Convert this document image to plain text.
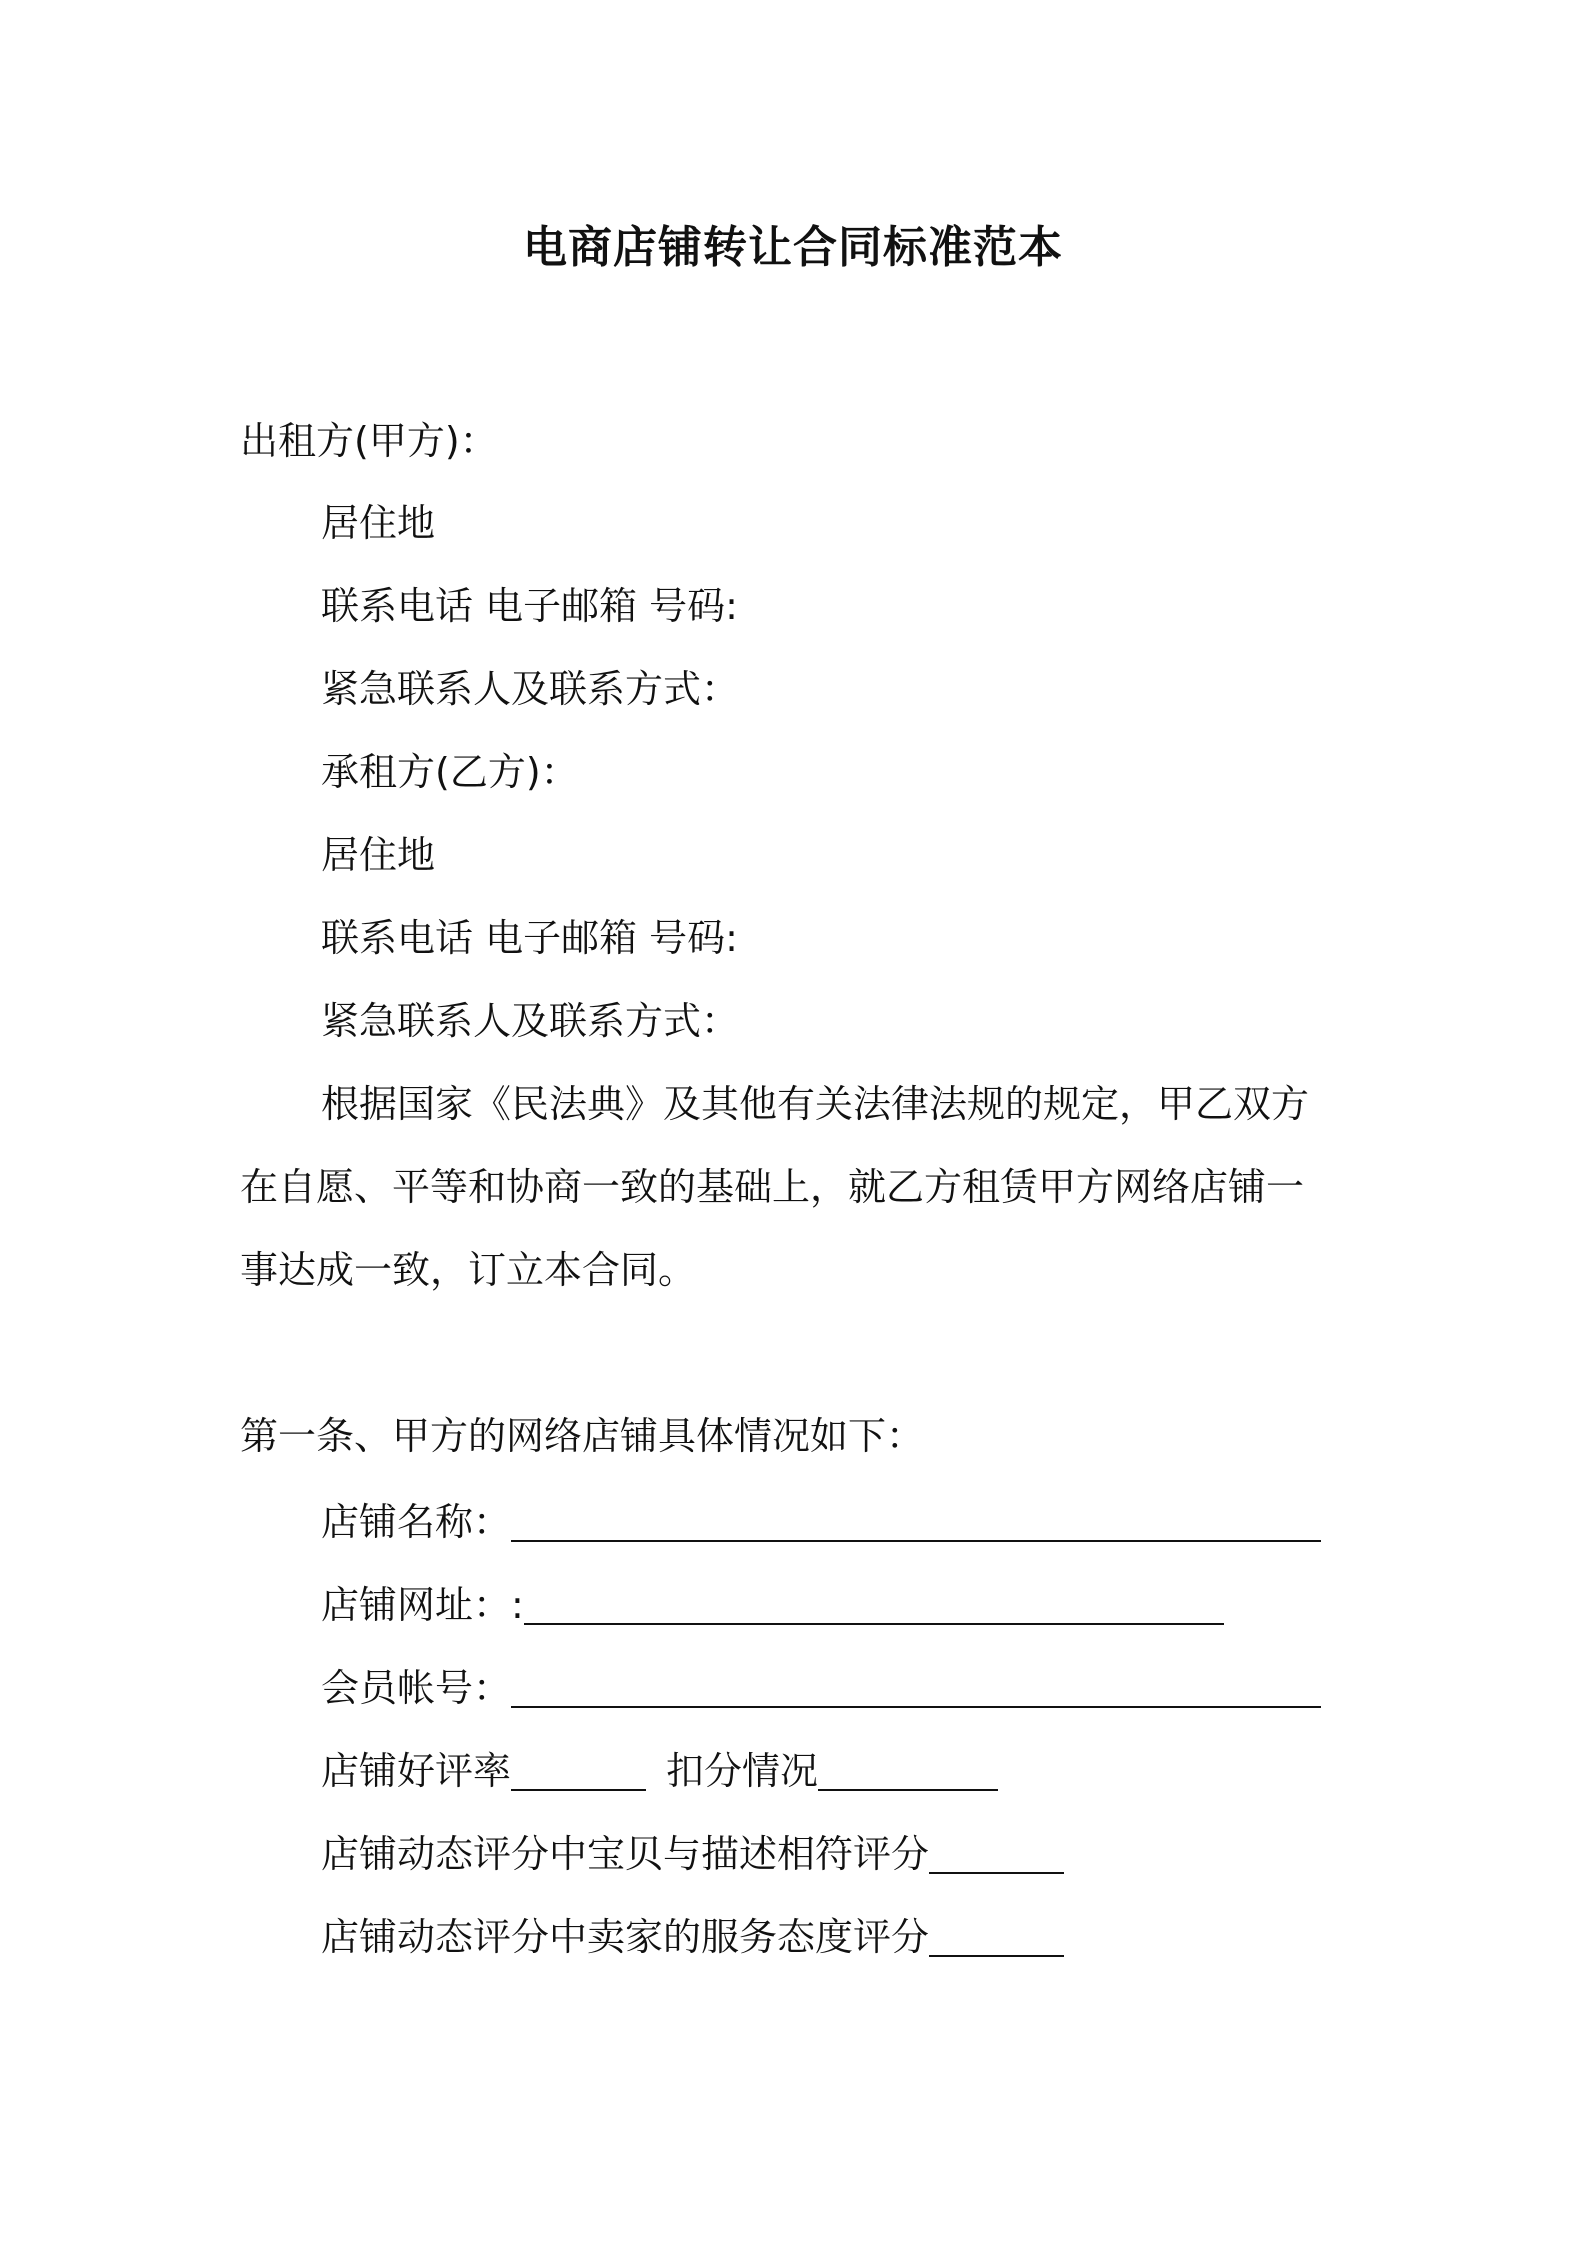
电商店铺转让合同标准范本
出租方(甲方)：
居住地
联系电话 电子邮箱 号码:
紧急联系人及联系方式：
承租方(乙方)：
居住地
联系电话 电子邮箱 号码:
紧急联系人及联系方式：
根据国家《民法典》及其他有关法律法规的规定，甲乙双方
在自愿、平等和协商一致的基础上，就乙方租赁甲方网络店铺一
事达成一致，订立本合同。
第一条、甲方的网络店铺具体情况如下：
店铺名称：
店铺网址：:
会员帐号：
店铺好评率	扣分情况
店铺动态评分中宝贝与描述相符评分
店铺动态评分中卖家的服务态度评分
